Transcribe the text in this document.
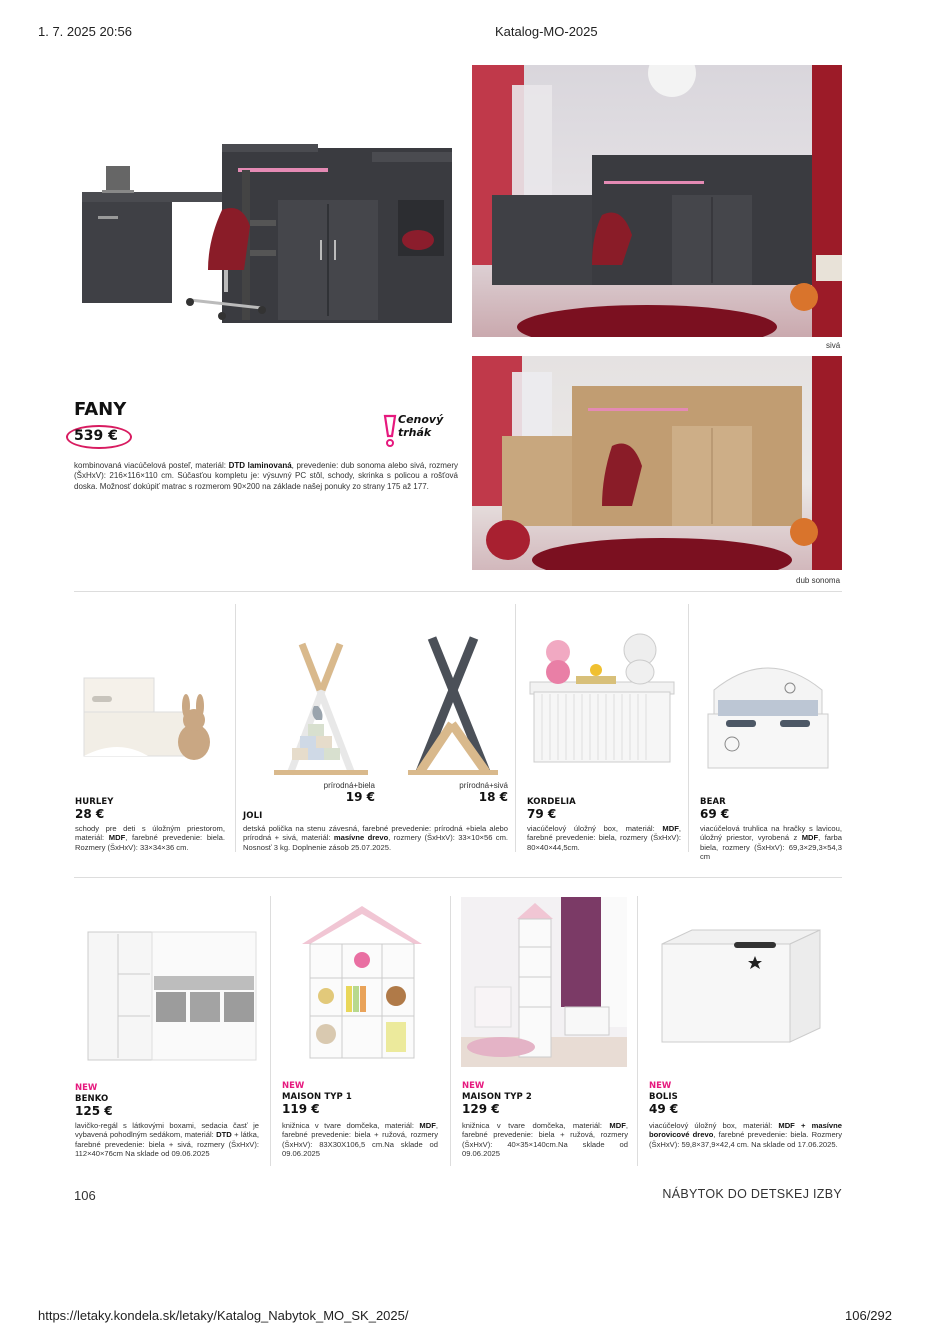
1. 7. 2025 20:56	Katalog-MO-2025
sivá
dub sonoma
FANY
539 €
Cenový
trhák
kombinovaná viacúčelová posteľ, materiál: DTD laminovaná, prevedenie: dub sonoma alebo sivá, rozmery (ŠxHxV): 216×116×110 cm. Súčasťou kompletu je: výsuvný PC stôl, schody, skrinka s policou a rošťová doska. Možnosť dokúpiť matrac s rozmerom 90×200 na základe našej ponuky zo strany 175 až 177.
HURLEY
28 €
schody pre deti s úložným priestorom, materiál: MDF, farebné prevedenie: biela. Rozmery (ŠxHxV): 33×34×36 cm.
prírodná+biela
19 €
prírodná+sivá
18 €
JOLI
detská polička na stenu závesná, farebné prevedenie: prírodná +biela alebo prírodná + sivá, materiál: masívne drevo, rozmery (ŠxHxV): 33×10×56 cm. Nosnosť 3 kg. Doplnenie zásob 25.07.2025.
KORDELIA
79 €
viacúčelový úložný box, materiál: MDF, farebné prevedenie: biela, rozmery (ŠxHxV): 80×40×44,5cm.
BEAR
69 €
viacúčelová truhlica na hračky s lavicou, úložný priestor, vyrobená z MDF, farba biela, rozmery (ŠxHxV): 69,3×29,3×54,3 cm
NEW
BENKO
125 €
lavičko-regál s látkovými boxami, sedacia časť je vybavená pohodlným sedákom, materiál: DTD + látka, farebné prevedenie: biela + sivá, rozmery (ŠxHxV): 112×40×76cm Na sklade od 09.06.2025
NEW
MAISON TYP 1
119 €
knižnica v tvare domčeka, materiál: MDF, farebné prevedenie: biela + ružová, rozmery (ŠxHxV): 83X30X106,5 cm.Na sklade od 09.06.2025
NEW
MAISON TYP 2
129 €
knižnica v tvare domčeka, materiál: MDF, farebné prevedenie: biela + ružová, rozmery (ŠxHxV): 40×35×140cm.Na sklade od 09.06.2025
NEW
BOLIS
49 €
viacúčelový úložný box, materiál: MDF + masívne borovicové drevo, farebné prevedenie: biela. Rozmery (ŠxHxV): 59,8×37,9×42,4 cm. Na sklade od 17.06.2025.
106	NÁBYTOK DO DETSKEJ IZBY
https://letaky.kondela.sk/letaky/Katalog_Nabytok_MO_SK_2025/	106/292
